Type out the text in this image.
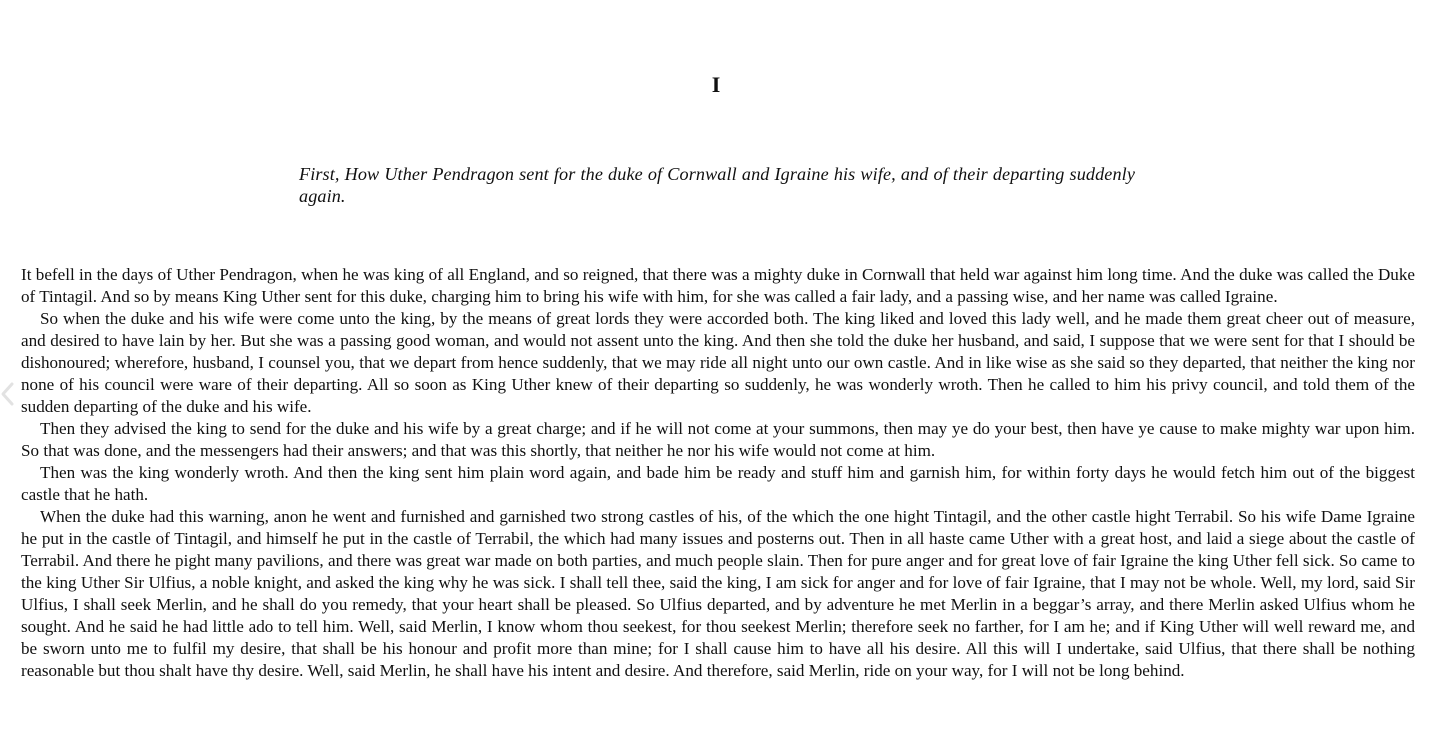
I
First, How Uther Pendragon sent for the duke of Cornwall and Igraine his wife, and of their departing suddenly again.

It befell in the days of Uther Pendragon, when he was king of all England, and so reigned, that there was a mighty duke in Cornwall that held war against him long time. And the duke was called the Duke of Tintagil. And so by means King Uther sent for this duke, charging him to bring his wife with him, for she was called a fair lady, and a passing wise, and her name was called Igraine.

So when the duke and his wife were come unto the king, by the means of great lords they were accorded both. The king liked and loved this lady well, and he made them great cheer out of measure, and desired to have lain by her. But she was a passing good woman, and would not assent unto the king. And then she told the duke her husband, and said, I suppose that we were sent for that I should be dishonoured; wherefore, husband, I counsel you, that we depart from hence suddenly, that we may ride all night unto our own castle. And in like wise as she said so they departed, that neither the king nor none of his council were ware of their departing. All so soon as King Uther knew of their departing so suddenly, he was wonderly wroth. Then he called to him his privy council, and told them of the sudden departing of the duke and his wife.

Then they advised the king to send for the duke and his wife by a great charge; and if he will not come at your summons, then may ye do your best, then have ye cause to make mighty war upon him. So that was done, and the messengers had their answers; and that was this shortly, that neither he nor his wife would not come at him.

Then was the king wonderly wroth. And then the king sent him plain word again, and bade him be ready and stuff him and garnish him, for within forty days he would fetch him out of the biggest castle that he hath.

When the duke had this warning, anon he went and furnished and garnished two strong castles of his, of the which the one hight Tintagil, and the other castle hight Terrabil. So his wife Dame Igraine he put in the castle of Tintagil, and himself he put in the castle of Terrabil, the which had many issues and posterns out. Then in all haste came Uther with a great host, and laid a siege about the castle of Terrabil. And there he pight many pavilions, and there was great war made on both parties, and much people slain. Then for pure anger and for great love of fair Igraine the king Uther fell sick. So came to the king Uther Sir Ulfius, a noble knight, and asked the king why he was sick. I shall tell thee, said the king, I am sick for anger and for love of fair Igraine, that I may not be whole. Well, my lord, said Sir Ulfius, I shall seek Merlin, and he shall do you remedy, that your heart shall be pleased. So Ulfius departed, and by adventure he met Merlin in a beggar’s array, and there Merlin asked Ulfius whom he sought. And he said he had little ado to tell him. Well, said Merlin, I know whom thou seekest, for thou seekest Merlin; therefore seek no farther, for I am he; and if King Uther will well reward me, and be sworn unto me to fulfil my desire, that shall be his honour and profit more than mine; for I shall cause him to have all his desire. All this will I undertake, said Ulfius, that there shall be nothing reasonable but thou shalt have thy desire. Well, said Merlin, he shall have his intent and desire. And therefore, said Merlin, ride on your way, for I will not be long behind.
